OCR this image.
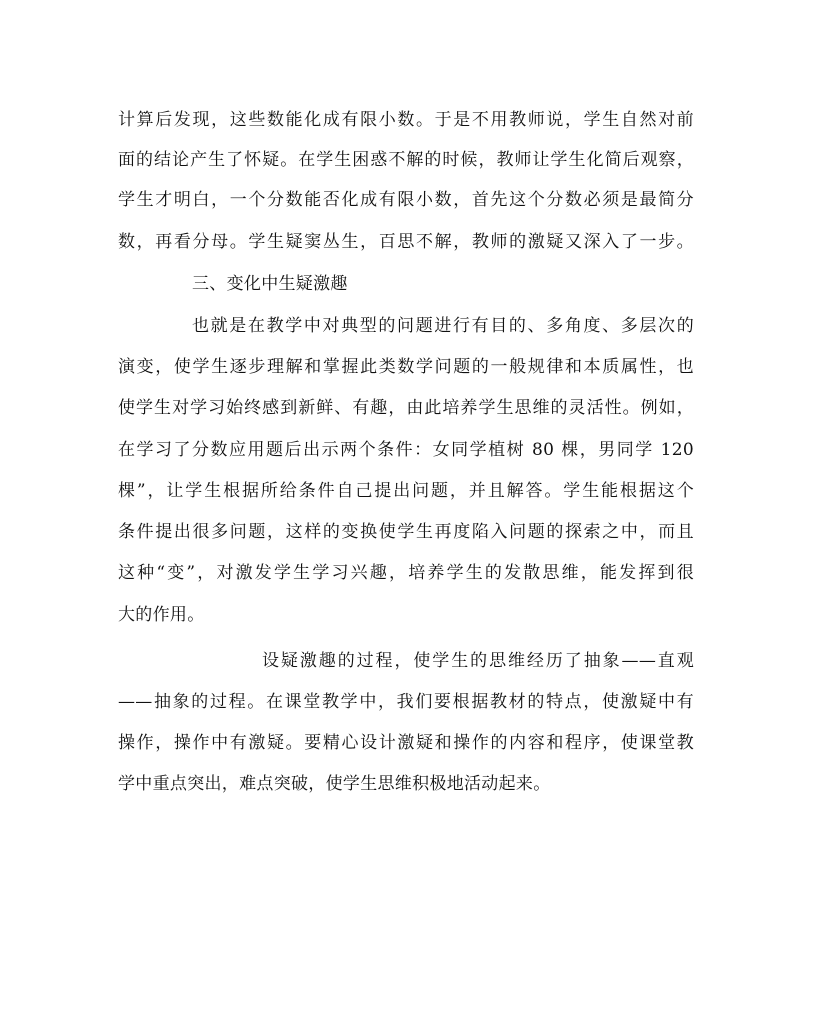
计算后发现，这些数能化成有限小数。于是不用教师说，学生自然对前

面的结论产生了怀疑。在学生困惑不解的时候，教师让学生化简后观察，

学生才明白，一个分数能否化成有限小数，首先这个分数必须是最简分

数，再看分母。学生疑窦丛生，百思不解，教师的激疑又深入了一步。

三、变化中生疑激趣

也就是在教学中对典型的问题进行有目的、多角度、多层次的

演变，使学生逐步理解和掌握此类数学问题的一般规律和本质属性，也

使学生对学习始终感到新鲜、有趣，由此培养学生思维的灵活性。例如，

在学习了分数应用题后出示两个条件：女同学植树 80 棵，男同学 120

棵”，让学生根据所给条件自己提出问题，并且解答。学生能根据这个

条件提出很多问题，这样的变换使学生再度陷入问题的探索之中，而且

这种“变”，对激发学生学习兴趣，培养学生的发散思维，能发挥到很

大的作用。

设疑激趣的过程，使学生的思维经历了抽象——直观

——抽象的过程。在课堂教学中，我们要根据教材的特点，使激疑中有

操作，操作中有激疑。要精心设计激疑和操作的内容和程序，使课堂教

学中重点突出，难点突破，使学生思维积极地活动起来。
